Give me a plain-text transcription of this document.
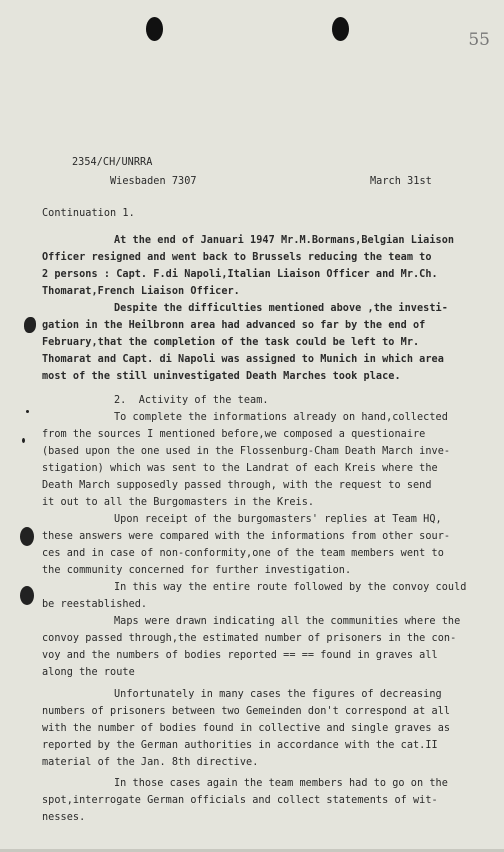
55
2354/CH/UNRRA
Wiesbaden 7307	March 31st
Continuation 1.
At the end of Januari 1947 Mr.M.Bormans,Belgian Liaison
Officer resigned and went back to Brussels reducing the team to
2 persons : Capt. F.di Napoli,Italian Liaison Officer and Mr.Ch.
Thomarat,French Liaison Officer.
Despite the difficulties mentioned above ,the investi-
gation in the Heilbronn area had advanced so far by the end of
February,that the completion of the task could be left to Mr.
Thomarat and Capt. di Napoli was assigned to Munich in which area
most of the still uninvestigated Death Marches took place.
2.  Activity of the team.
To complete the informations already on hand,collected
from the sources I mentioned before,we composed a questionaire
(based upon the one used in the Flossenburg-Cham Death March inve-
stigation) which was sent to the Landrat of each Kreis where the
Death March supposedly passed through, with the request to send
it out to all the Burgomasters in the Kreis.
Upon receipt of the burgomasters' replies at Team HQ,
these answers were compared with the informations from other sour-
ces and in case of non-conformity,one of the team members went to
the community concerned for further investigation.
In this way the entire route followed by the convoy could
be reestablished.
Maps were drawn indicating all the communities where the
convoy passed through,the estimated number of prisoners in the con-
voy and the numbers of bodies reported == == found in graves all
along the route
Unfortunately in many cases the figures of decreasing
numbers of prisoners between two Gemeinden don't correspond at all
with the number of bodies found in collective and single graves as
reported by the German authorities in accordance with the cat.II
material of the Jan. 8th directive.
In those cases again the team members had to go on the
spot,interrogate German officials and collect statements of wit-
nesses.
